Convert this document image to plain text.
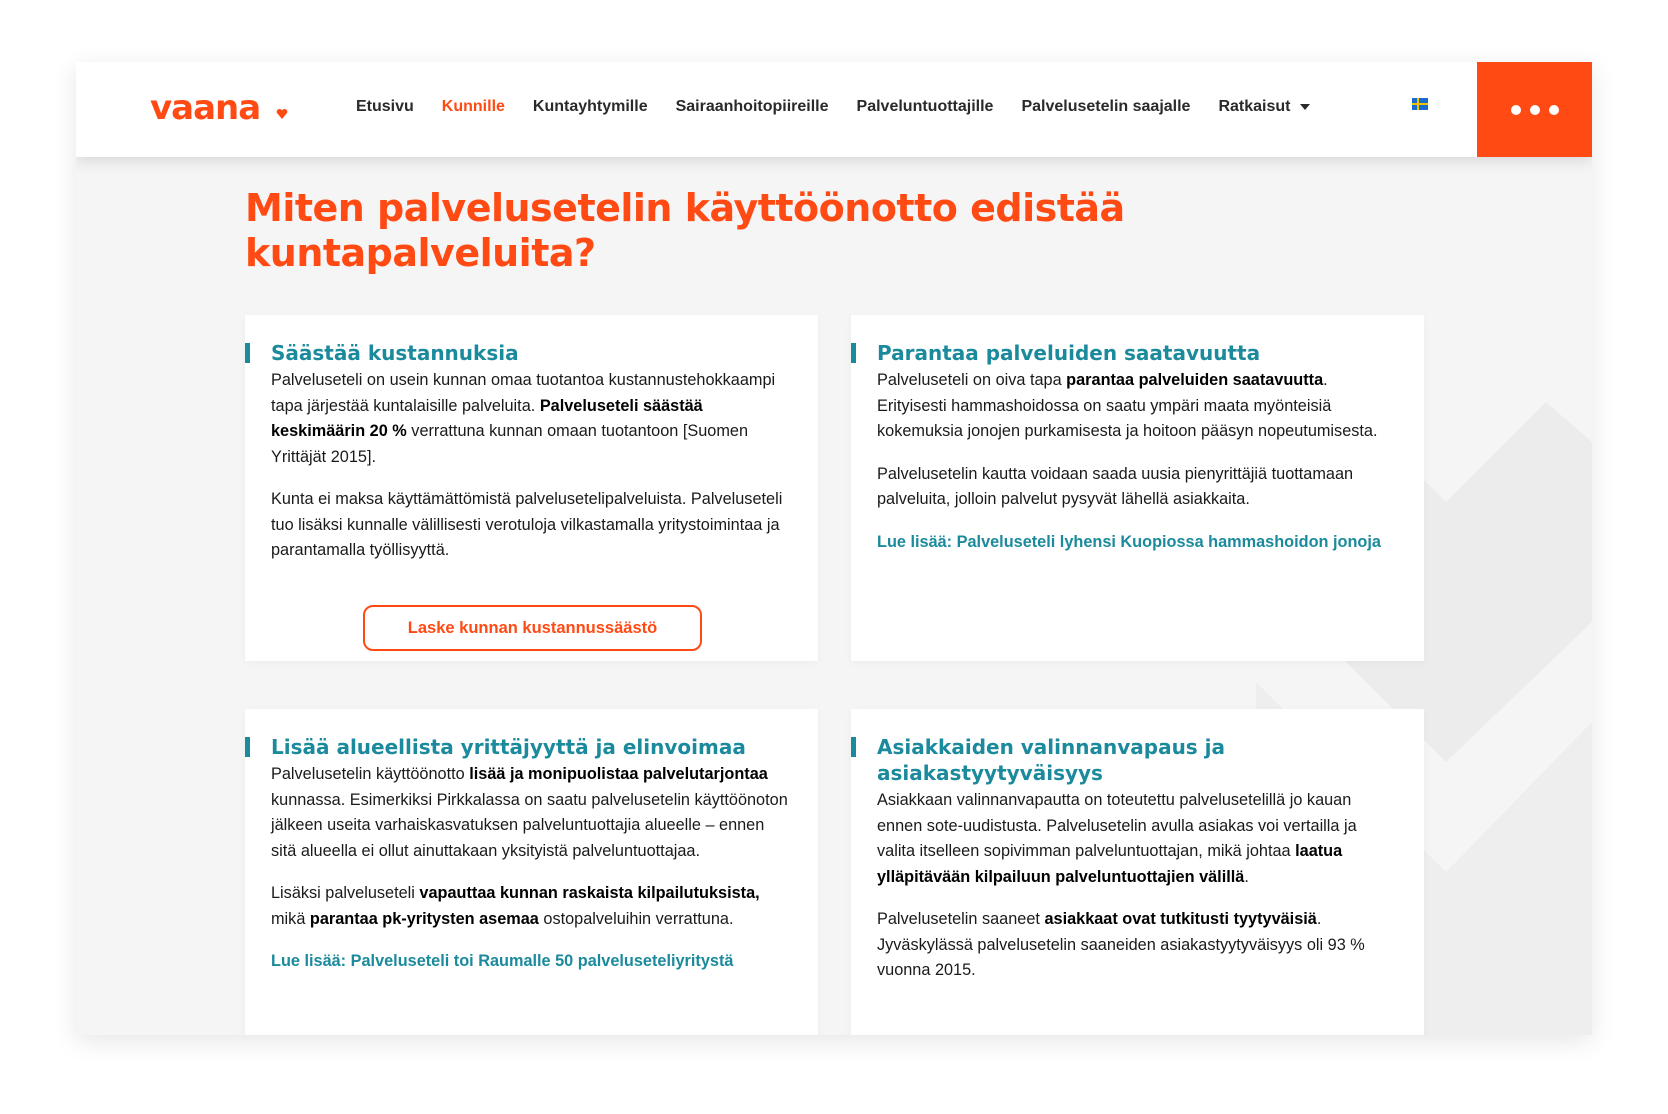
vaana	Etusivu Kunnille Kuntayhtymille Sairaanhoitopiireille Palveluntuottajille Palvelusetelin saajalle Ratkaisut
Miten palvelusetelin käyttöönotto edistää kuntapalveluita?
Säästää kustannuksia

Palveluseteli on usein kunnan omaa tuotantoa kustannustehokkaampi tapa järjestää kuntalaisille palveluita. Palveluseteli säästää keskimäärin 20 % verrattuna kunnan omaan tuotantoon [Suomen Yrittäjät 2015].

Kunta ei maksa käyttämättömistä palvelusetelipalveluista. Palveluseteli tuo lisäksi kunnalle välillisesti verotuloja vilkastamalla yritystoimintaa ja parantamalla työllisyyttä.

Laske kunnan kustannussäästö
Parantaa palveluiden saatavuutta

Palveluseteli on oiva tapa parantaa palveluiden saatavuutta. Erityisesti hammashoidossa on saatu ympäri maata myönteisiä kokemuksia jonojen purkamisesta ja hoitoon pääsyn nopeutumisesta.

Palvelusetelin kautta voidaan saada uusia pienyrittäjiä tuottamaan palveluita, jolloin palvelut pysyvät lähellä asiakkaita.

Lue lisää: Palveluseteli lyhensi Kuopiossa hammashoidon jonoja
Lisää alueellista yrittäjyyttä ja elinvoimaa

Palvelusetelin käyttöönotto lisää ja monipuolistaa palvelutarjontaa kunnassa. Esimerkiksi Pirkkalassa on saatu palvelusetelin käyttöönoton jälkeen useita varhaiskasvatuksen palveluntuottajia alueelle – ennen sitä alueella ei ollut ainuttakaan yksityistä palveluntuottajaa.

Lisäksi palveluseteli vapauttaa kunnan raskaista kilpailutuksista, mikä parantaa pk-yritysten asemaa ostopalveluihin verrattuna.

Lue lisää: Palveluseteli toi Raumalle 50 palveluseteliyritystä
Asiakkaiden valinnanvapaus ja asiakastyytyväisyys

Asiakkaan valinnanvapautta on toteutettu palvelusetelillä jo kauan ennen sote-uudistusta. Palvelusetelin avulla asiakas voi vertailla ja valita itselleen sopivimman palveluntuottajan, mikä johtaa laatua ylläpitävään kilpailuun palveluntuottajien välillä.

Palvelusetelin saaneet asiakkaat ovat tutkitusti tyytyväisiä. Jyväskylässä palvelusetelin saaneiden asiakastyytyväisyys oli 93 % vuonna 2015.
